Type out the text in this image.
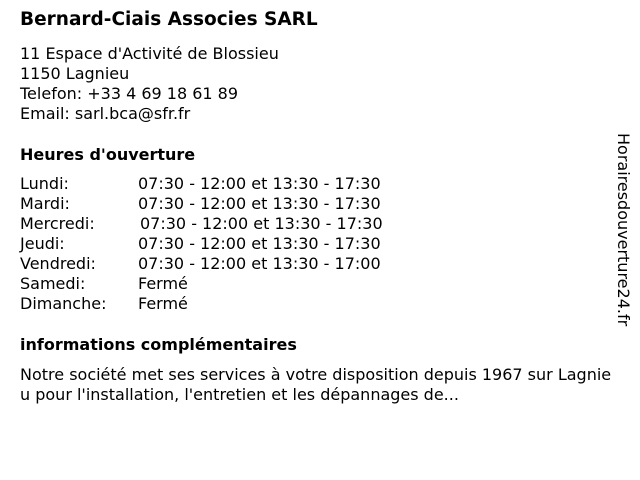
Bernard-Ciais Associes SARL
11 Espace d'Activité de Blossieu
1150 Lagnieu
Telefon: +33 4 69 18 61 89
Email: sarl.bca@sfr.fr
Heures d'ouverture
Lundi:	07:30 - 12:00 et 13:30 - 17:30
Mardi:	07:30 - 12:00 et 13:30 - 17:30
Mercredi:	07:30 - 12:00 et 13:30 - 17:30
Jeudi:	07:30 - 12:00 et 13:30 - 17:30
Vendredi:	07:30 - 12:00 et 13:30 - 17:00
Samedi:	Fermé
Dimanche: Fermé
informations complémentaires
Notre société met ses services à votre disposition depuis 1967 sur Lagnieu pour l'installation, l'entretien et les dépannages de...
Horairesdouverture24.fr
